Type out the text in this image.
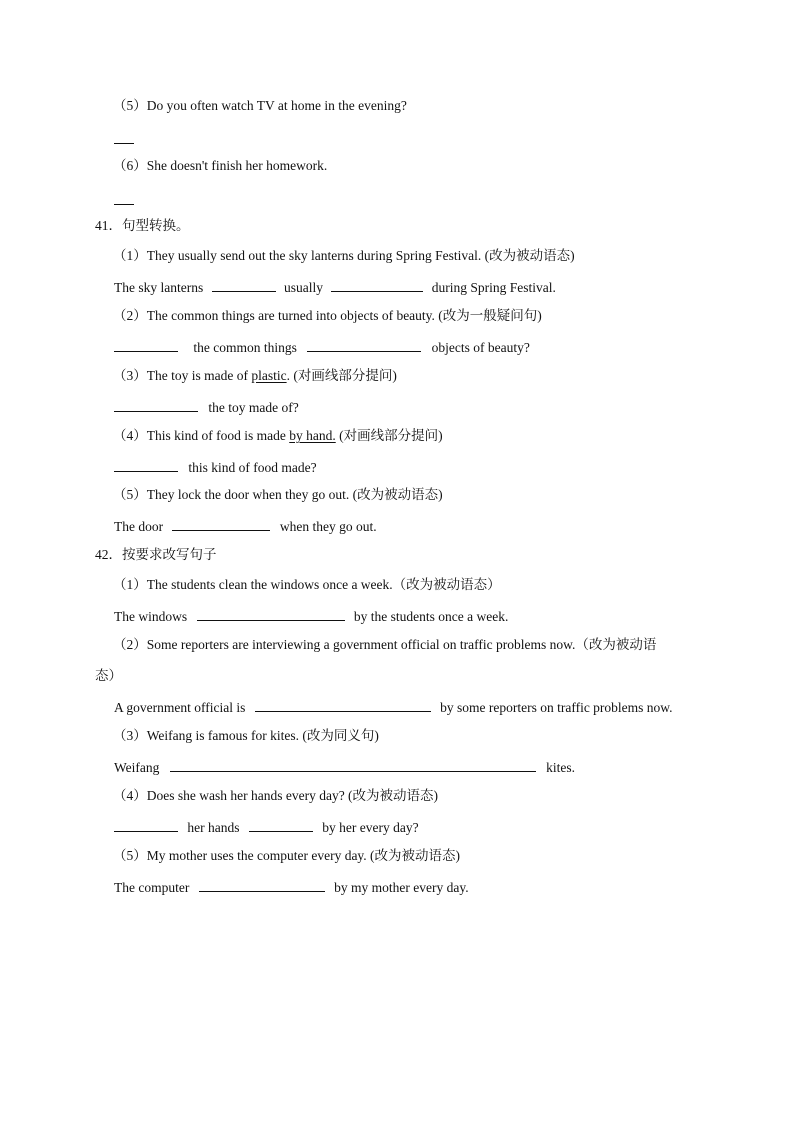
（5）Do you often watch TV at home in the evening?
（6）She doesn't finish her homework.
41．句型转换。
（1）They usually send out the sky lanterns during Spring Festival. (改为被动语态)
The sky lanterns	usually	during Spring Festival.
（2）The common things are turned into objects of beauty. (改为一般疑问句)
the common things	objects of beauty?
（3）The toy is made of plastic. (对画线部分提问)
the toy made of?
（4）This kind of food is made by hand. (对画线部分提问)
this kind of food made?
（5）They lock the door when they go out. (改为被动语态)
The door	when they go out.
42．按要求改写句子
（1）The students clean the windows once a week.（改为被动语态）
The windows	by the students once a week.
（2）Some reporters are interviewing a government official on traffic problems now.（改为被动语
态）
A government official is	by some reporters on traffic problems now.
（3）Weifang is famous for kites. (改为同义句)
Weifang	kites.
（4）Does she wash her hands every day? (改为被动语态)
her hands	by her every day?
（5）My mother uses the computer every day. (改为被动语态)
The computer	by my mother every day.
